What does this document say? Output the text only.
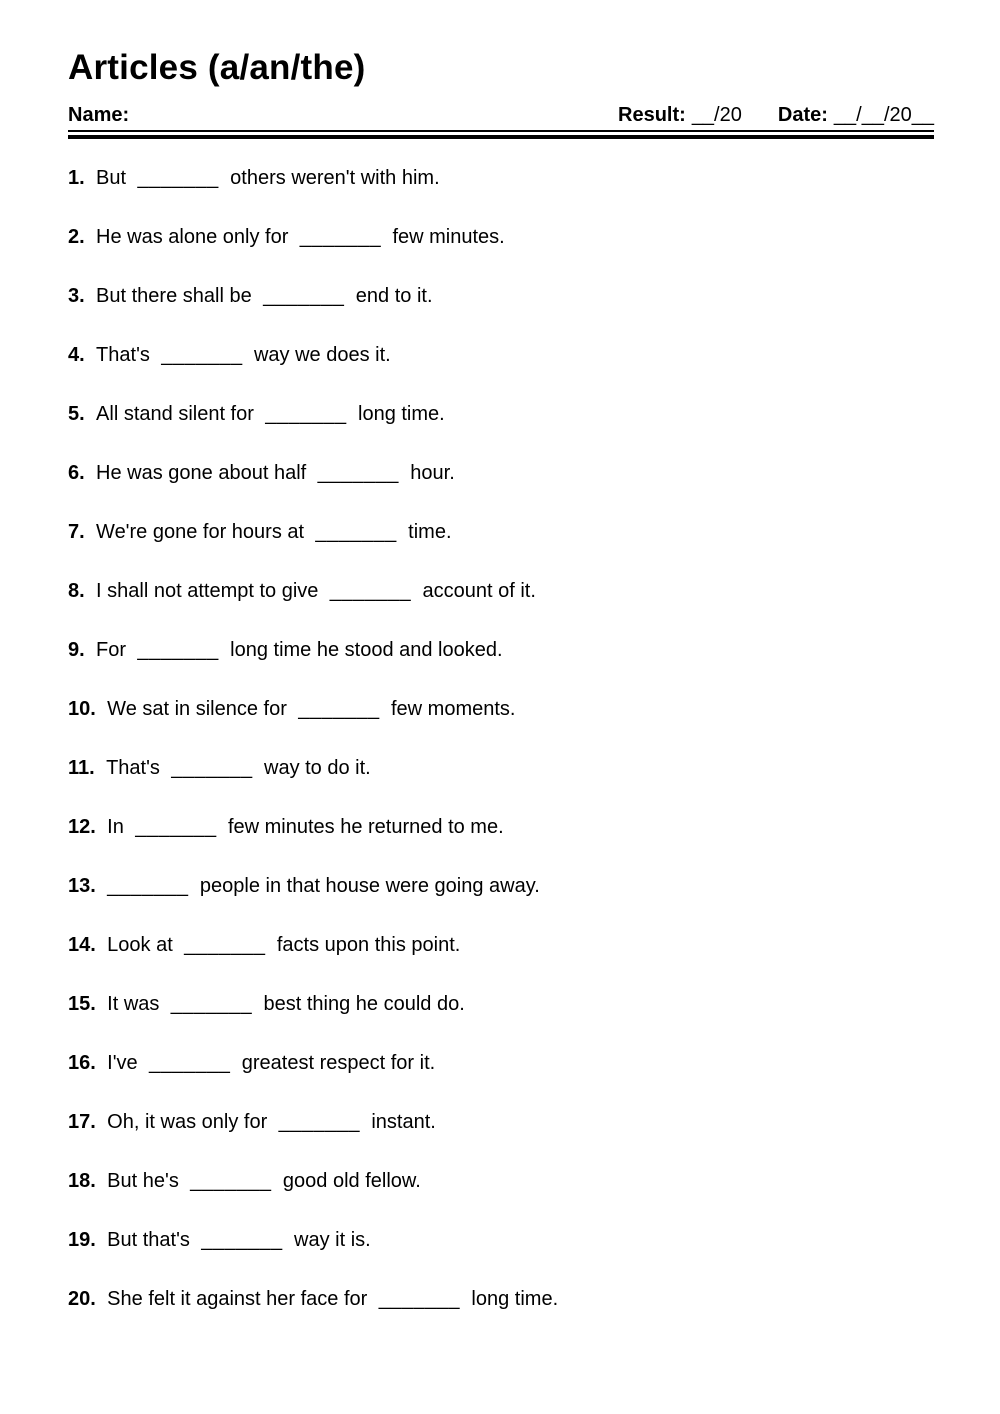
Articles (a/an/the)
Name:	Result: __/20 Date: __/__/20__
1. But _______ others weren't with him.
2. He was alone only for _______ few minutes.
3. But there shall be _______ end to it.
4. That's _______ way we does it.
5. All stand silent for _______ long time.
6. He was gone about half _______ hour.
7. We're gone for hours at _______ time.
8. I shall not attempt to give _______ account of it.
9. For _______ long time he stood and looked.
10. We sat in silence for _______ few moments.
11. That's _______ way to do it.
12. In _______ few minutes he returned to me.
13. _______ people in that house were going away.
14. Look at _______ facts upon this point.
15. It was _______ best thing he could do.
16. I've _______ greatest respect for it.
17. Oh, it was only for _______ instant.
18. But he's _______ good old fellow.
19. But that's _______ way it is.
20. She felt it against her face for _______ long time.
